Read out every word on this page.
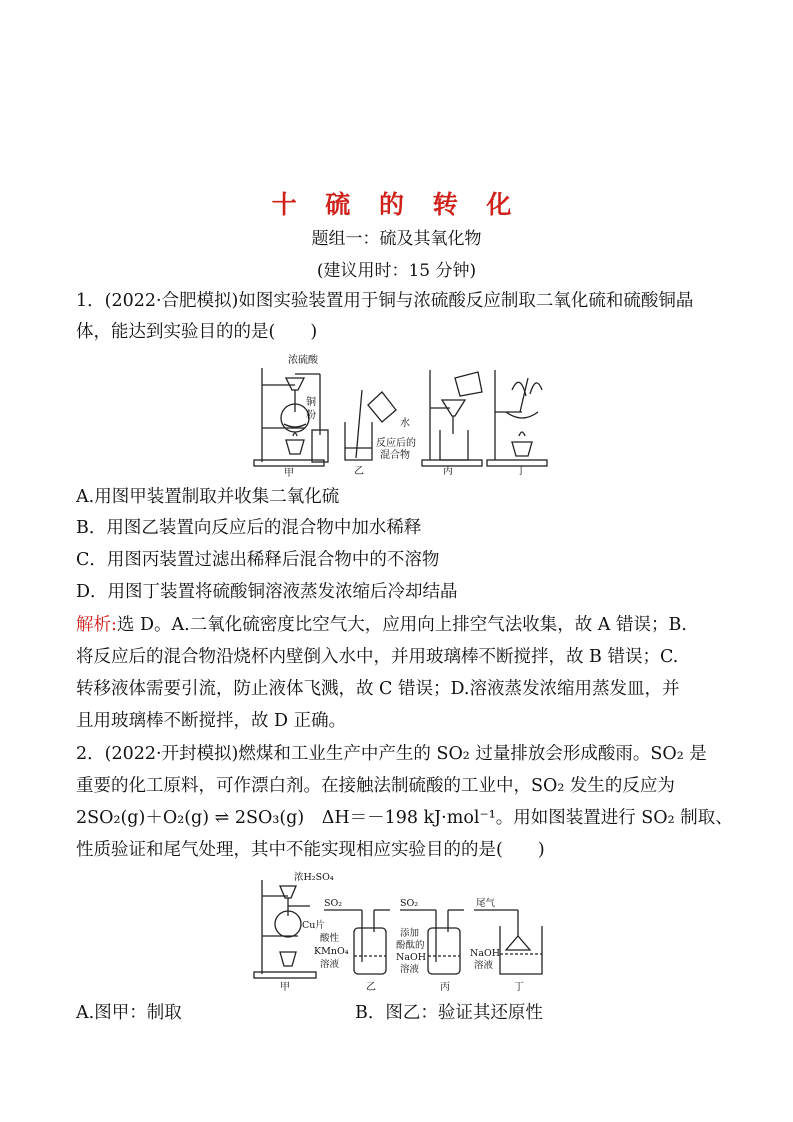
十 硫 的 转 化
题组一：硫及其氧化物
(建议用时：15 分钟)
1．(2022·合肥模拟)如图实验装置用于铜与浓硫酸反应制取二氧化硫和硫酸铜晶
体，能达到实验目的的是(　　)
浓硫酸
铜
粉
甲
水
反应后的
混合物
乙	丙	丁
A.用图甲装置制取并收集二氧化硫
B．用图乙装置向反应后的混合物中加水稀释
C．用图丙装置过滤出稀释后混合物中的不溶物
D．用图丁装置将硫酸铜溶液蒸发浓缩后冷却结晶
解析:选 D。A.二氧化硫密度比空气大，应用向上排空气法收集，故 A 错误；B.
将反应后的混合物沿烧杯内壁倒入水中，并用玻璃棒不断搅拌，故 B 错误；C.
转移液体需要引流，防止液体飞溅，故 C 错误；D.溶液蒸发浓缩用蒸发皿，并
且用玻璃棒不断搅拌，故 D 正确。
2．(2022·开封模拟)燃煤和工业生产中产生的 SO₂ 过量排放会形成酸雨。SO₂ 是
重要的化工原料，可作漂白剂。在接触法制硫酸的工业中，SO₂ 发生的反应为
2SO₂(g)＋O₂(g) ⇌ 2SO₃(g)　ΔH＝－198 kJ·mol⁻¹。用如图装置进行 SO₂ 制取、
性质验证和尾气处理，其中不能实现相应实验目的的是(　　)
浓H₂SO₄
Cu片
甲
SO₂
酸性
KMnO₄
溶液
乙
SO₂
添加
酚酞的
NaOH
溶液
丙
尾气
NaOH
溶液
丁
A.图甲：制取	B．图乙：验证其还原性
